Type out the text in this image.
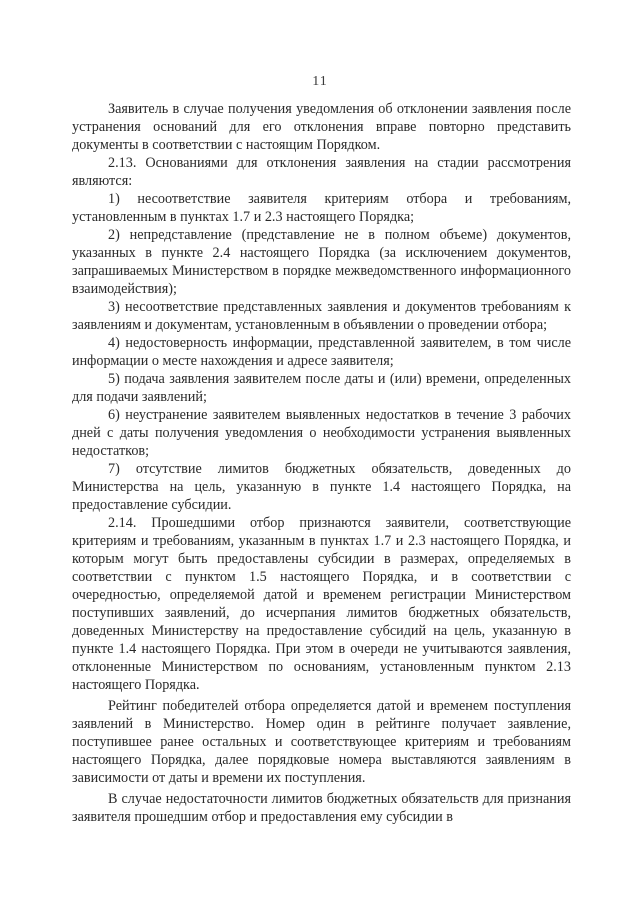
11

Заявитель в случае получения уведомления об отклонении заявления после устранения оснований для его отклонения вправе повторно представить документы в соответствии с настоящим Порядком.

2.13. Основаниями для отклонения заявления на стадии рассмотрения являются:

1) несоответствие заявителя критериям отбора и требованиям, установленным в пунктах 1.7 и 2.3 настоящего Порядка;

2) непредставление (представление не в полном объеме) документов, указанных в пункте 2.4 настоящего Порядка (за исключением документов, запрашиваемых Министерством в порядке межведомственного информационного взаимодействия);

3) несоответствие представленных заявления и документов требованиям к заявлениям и документам, установленным в объявлении о проведении отбора;

4) недостоверность информации, представленной заявителем, в том числе информации о месте нахождения и адресе заявителя;

5) подача заявления заявителем после даты и (или) времени, определенных для подачи заявлений;

6) неустранение заявителем выявленных недостатков в течение 3 рабочих дней с даты получения уведомления о необходимости устранения выявленных недостатков;

7) отсутствие лимитов бюджетных обязательств, доведенных до Министерства на цель, указанную в пункте 1.4 настоящего Порядка, на предоставление субсидии.

2.14. Прошедшими отбор признаются заявители, соответствующие критериям и требованиям, указанным в пунктах 1.7 и 2.3 настоящего Порядка, и которым могут быть предоставлены субсидии в размерах, определяемых в соответствии с пунктом 1.5 настоящего Порядка, и в соответствии с очередностью, определяемой датой и временем регистрации Министерством поступивших заявлений, до исчерпания лимитов бюджетных обязательств, доведенных Министерству на предоставление субсидий на цель, указанную в пункте 1.4 настоящего Порядка. При этом в очереди не учитываются заявления, отклоненные Министерством по основаниям, установленным пунктом 2.13 настоящего Порядка.

Рейтинг победителей отбора определяется датой и временем поступления заявлений в Министерство. Номер один в рейтинге получает заявление, поступившее ранее остальных и соответствующее критериям и требованиям настоящего Порядка, далее порядковые номера выставляются заявлениям в зависимости от даты и времени их поступления.

В случае недостаточности лимитов бюджетных обязательств для признания заявителя прошедшим отбор и предоставления ему субсидии в
